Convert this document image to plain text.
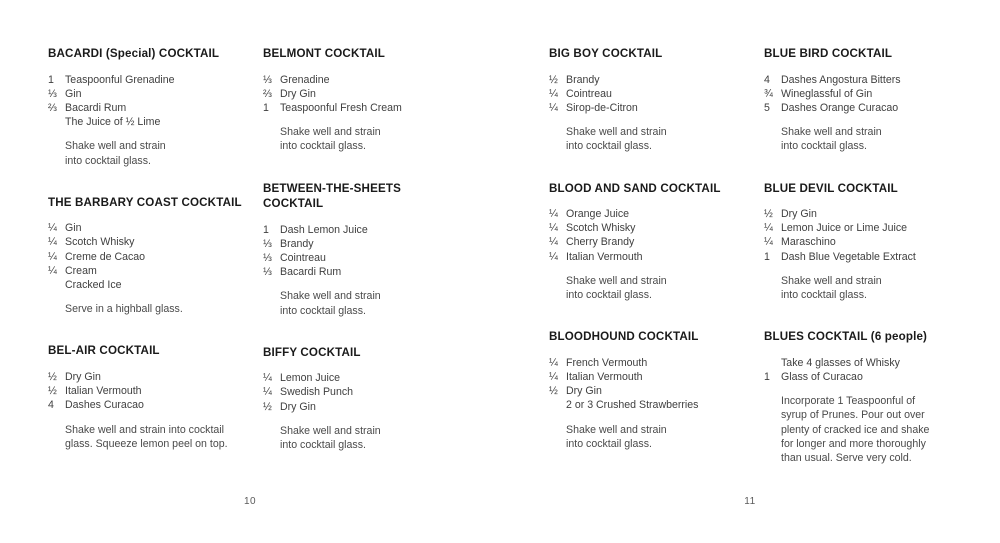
BACARDI (Special) COCKTAIL
1	Teaspoonful Grenadine
⅓ Gin
⅔ Bacardi Rum
The Juice of ½ Lime
Shake well and strain
into cocktail glass.
THE BARBARY COAST COCKTAIL
¼ Gin
¼ Scotch Whisky
¼ Creme de Cacao
¼ Cream
Cracked Ice
Serve in a highball glass.
BEL-AIR COCKTAIL
½ Dry Gin
½ Italian Vermouth
4	Dashes Curacao
Shake well and strain into cocktail
glass. Squeeze lemon peel on top.
BELMONT COCKTAIL
⅓ Grenadine
⅔ Dry Gin
1	Teaspoonful Fresh Cream
Shake well and strain
into cocktail glass.
BETWEEN-THE-SHEETS
COCKTAIL
1	Dash Lemon Juice
⅓ Brandy
⅓ Cointreau
⅓ Bacardi Rum
Shake well and strain
into cocktail glass.
BIFFY COCKTAIL
¼ Lemon Juice
¼ Swedish Punch
½ Dry Gin
Shake well and strain
into cocktail glass.
10
BIG BOY COCKTAIL
½ Brandy
¼ Cointreau
¼ Sirop-de-Citron
Shake well and strain
into cocktail glass.
BLOOD AND SAND COCKTAIL
¼ Orange Juice
¼ Scotch Whisky
¼ Cherry Brandy
¼ Italian Vermouth
Shake well and strain
into cocktail glass.
BLOODHOUND COCKTAIL
¼ French Vermouth
¼ Italian Vermouth
½ Dry Gin
2 or 3 Crushed Strawberries
Shake well and strain
into cocktail glass.
BLUE BIRD COCKTAIL
4	Dashes Angostura Bitters
¾ Wineglassful of Gin
5	Dashes Orange Curacao
Shake well and strain
into cocktail glass.
BLUE DEVIL COCKTAIL
½ Dry Gin
¼ Lemon Juice or Lime Juice
¼ Maraschino
1	Dash Blue Vegetable Extract
Shake well and strain
into cocktail glass.
BLUES COCKTAIL (6 people)
Take 4 glasses of Whisky
1	Glass of Curacao
Incorporate 1 Teaspoonful of
syrup of Prunes. Pour out over
plenty of cracked ice and shake
for longer and more thoroughly
than usual. Serve very cold.
11
